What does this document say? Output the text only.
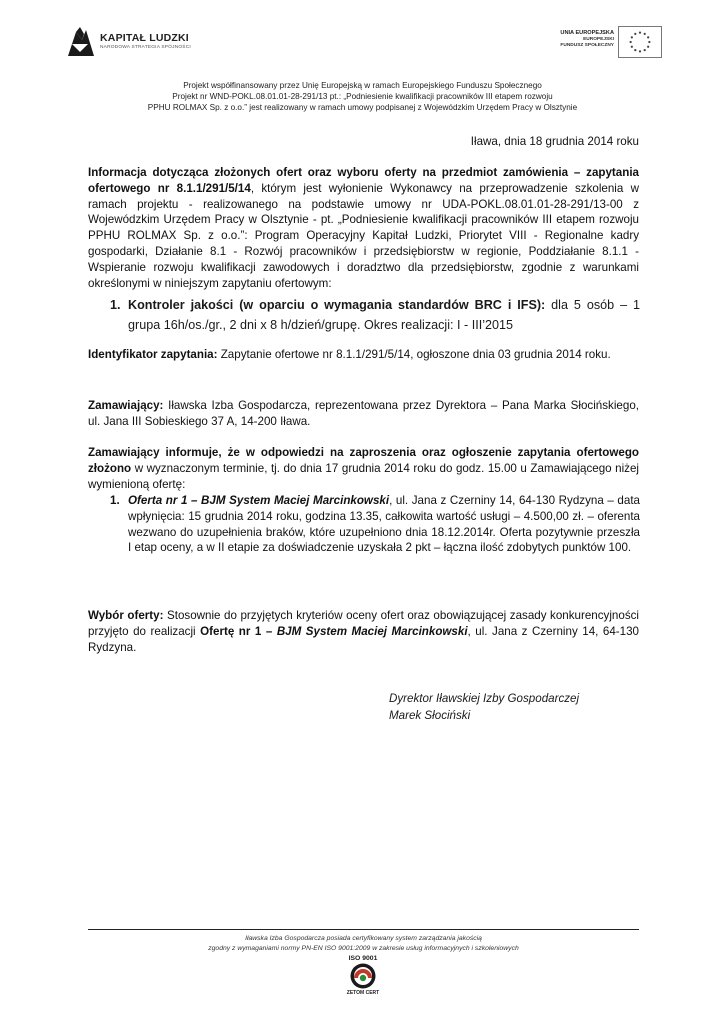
KAPITAŁ LUDZKI
NARODOWA STRATEGIA SPÓJNOŚCI
UNIA EUROPEJSKA
EUROPEJSKI
FUNDUSZ SPOŁECZNY
Projekt współfinansowany przez Unię Europejską w ramach Europejskiego Funduszu Społecznego
Projekt nr WND-POKL.08.01.01-28-291/13 pt.: „Podniesienie kwalifikacji pracowników III etapem rozwoju
PPHU ROLMAX Sp. z o.o.” jest realizowany w ramach umowy podpisanej z Wojewódzkim Urzędem Pracy w Olsztynie
Iława, dnia 18 grudnia 2014 roku
Informacja dotycząca złożonych ofert oraz wyboru oferty na przedmiot zamówienia – zapytania ofertowego nr 8.1.1/291/5/14, którym jest wyłonienie Wykonawcy na przeprowadzenie szkolenia w ramach projektu - realizowanego na podstawie umowy nr UDA-POKL.08.01.01-28-291/13-00 z Wojewódzkim Urzędem Pracy w Olsztynie - pt. „Podniesienie kwalifikacji pracowników III etapem rozwoju PPHU ROLMAX Sp. z o.o.”: Program Operacyjny Kapitał Ludzki, Priorytet VIII - Regionalne kadry gospodarki, Działanie 8.1 - Rozwój pracowników i przedsiębiorstw w regionie, Poddziałanie 8.1.1 - Wspieranie rozwoju kwalifikacji zawodowych i doradztwo dla przedsiębiorstw, zgodnie z warunkami określonymi w niniejszym zapytaniu ofertowym:
1. Kontroler jakości (w oparciu o wymagania standardów BRC i IFS): dla 5 osób – 1 grupa 16h/os./gr., 2 dni x 8 h/dzień/grupę. Okres realizacji: I - III’2015
Identyfikator zapytania: Zapytanie ofertowe nr 8.1.1/291/5/14, ogłoszone dnia 03 grudnia 2014 roku.
Zamawiający: Iławska Izba Gospodarcza, reprezentowana przez Dyrektora – Pana Marka Słocińskiego, ul. Jana III Sobieskiego 37 A, 14-200 Iława.
Zamawiający informuje, że w odpowiedzi na zaproszenia oraz ogłoszenie zapytania ofertowego złożono w wyznaczonym terminie, tj. do dnia 17 grudnia 2014 roku do godz. 15.00 u Zamawiającego niżej wymienioną ofertę:
1. Oferta nr 1 – BJM System Maciej Marcinkowski, ul. Jana z Czerniny 14, 64-130 Rydzyna – data wpłynięcia: 15 grudnia 2014 roku, godzina 13.35, całkowita wartość usługi – 4.500,00 zł. – oferenta wezwano do uzupełnienia braków, które uzupełniono dnia 18.12.2014r. Oferta pozytywnie przeszła I etap oceny, a w II etapie za doświadczenie uzyskała 2 pkt – łączna ilość zdobytych punktów 100.
Wybór oferty: Stosownie do przyjętych kryteriów oceny ofert oraz obowiązującej zasady konkurencyjności przyjęto do realizacji Ofertę nr 1 – BJM System Maciej Marcinkowski, ul. Jana z Czerniny 14, 64-130 Rydzyna.
Dyrektor Iławskiej Izby Gospodarczej
Marek Słociński
Iławska Izba Gospodarcza posiada certyfikowany system zarządzania jakością
zgodny z wymaganiami normy PN-EN ISO 9001:2009 w zakresie usług informacyjnych i szkoleniowych
ISO 9001
ZETOM CERT
